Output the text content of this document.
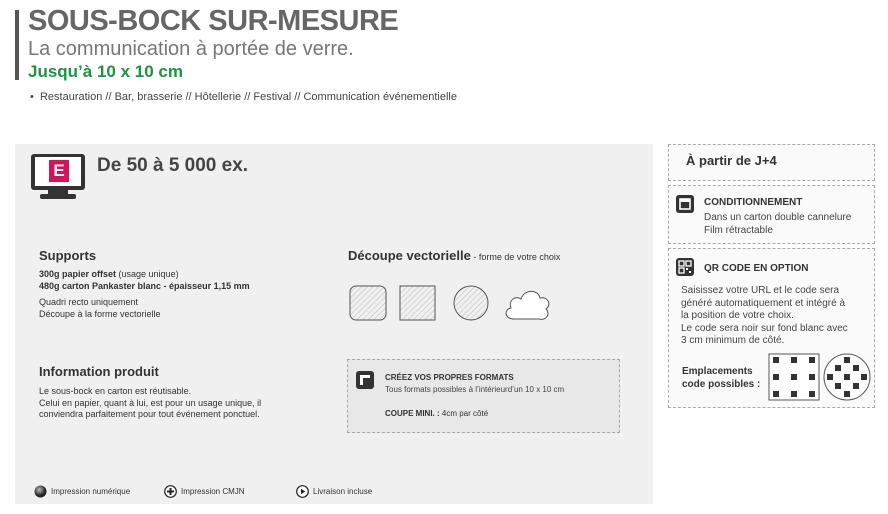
SOUS-BOCK SUR-MESURE
La communication à portée de verre.
Jusqu’à 10 x 10 cm
• Restauration // Bar, brasserie // Hôtellerie // Festival // Communication événementielle
E De 50 à 5 000 ex.
Supports
300g papier offset (usage unique)
480g carton Pankaster blanc - épaisseur 1,15 mm
Quadri recto uniquement
Découpe à la forme vectorielle
Découpe vectorielle - forme de votre choix
Information produit
Le sous-bock en carton est réutisable.
Celui en papier, quant à lui, est pour un usage unique, il
conviendra parfaitement pour tout événement ponctuel.
CRÉEZ VOS PROPRES FORMATS
Tous formats possibles à l’intérieurd’un 10 x 10 cm
COUPE MINI. : 4cm par côté
Impression numérique	Impression CMJN	Livraison incluse
À partir de J+4
CONDITIONNEMENT
Dans un carton double cannelure
Film rétractable
QR CODE EN OPTION
Saisissez votre URL et le code sera
généré automatiquement et intégré à
la position de votre choix.
Le code sera noir sur fond blanc avec
3 cm minimum de côté.
Emplacements
code possibles :
